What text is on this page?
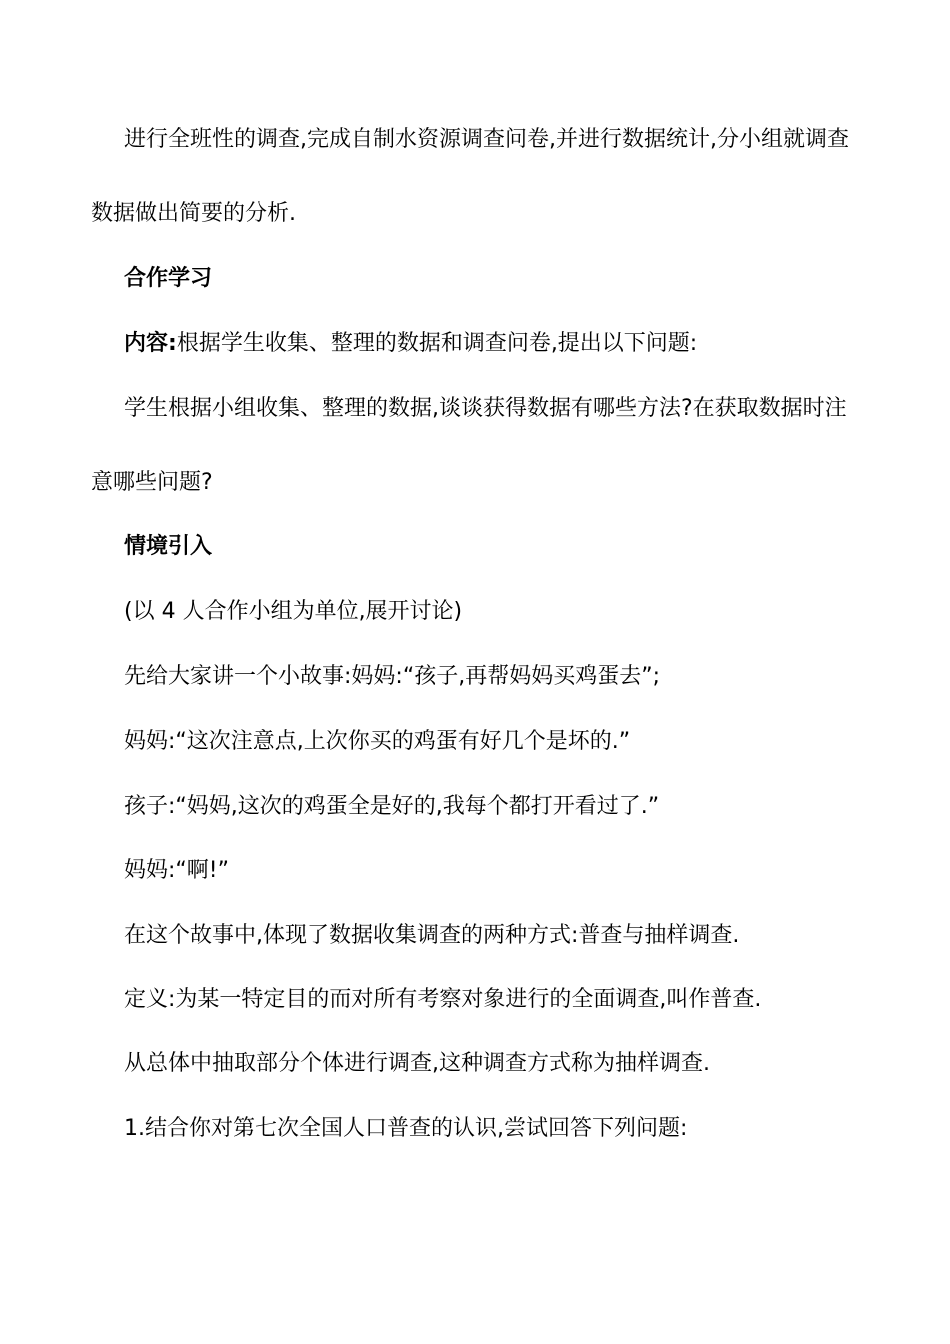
进行全班性的调查,完成自制水资源调查问卷,并进行数据统计,分小组就调查
数据做出简要的分析.
合作学习
内容:根据学生收集、整理的数据和调查问卷,提出以下问题:
学生根据小组收集、整理的数据,谈谈获得数据有哪些方法?在获取数据时注
意哪些问题?
情境引入
(以 4 人合作小组为单位,展开讨论)
先给大家讲一个小故事:妈妈:“孩子,再帮妈妈买鸡蛋去”;
妈妈:“这次注意点,上次你买的鸡蛋有好几个是坏的.”
孩子:“妈妈,这次的鸡蛋全是好的,我每个都打开看过了.”
妈妈:“啊!”
在这个故事中,体现了数据收集调查的两种方式:普查与抽样调查.
定义:为某一特定目的而对所有考察对象进行的全面调查,叫作普查.
从总体中抽取部分个体进行调查,这种调查方式称为抽样调查.
1.结合你对第七次全国人口普查的认识,尝试回答下列问题:
